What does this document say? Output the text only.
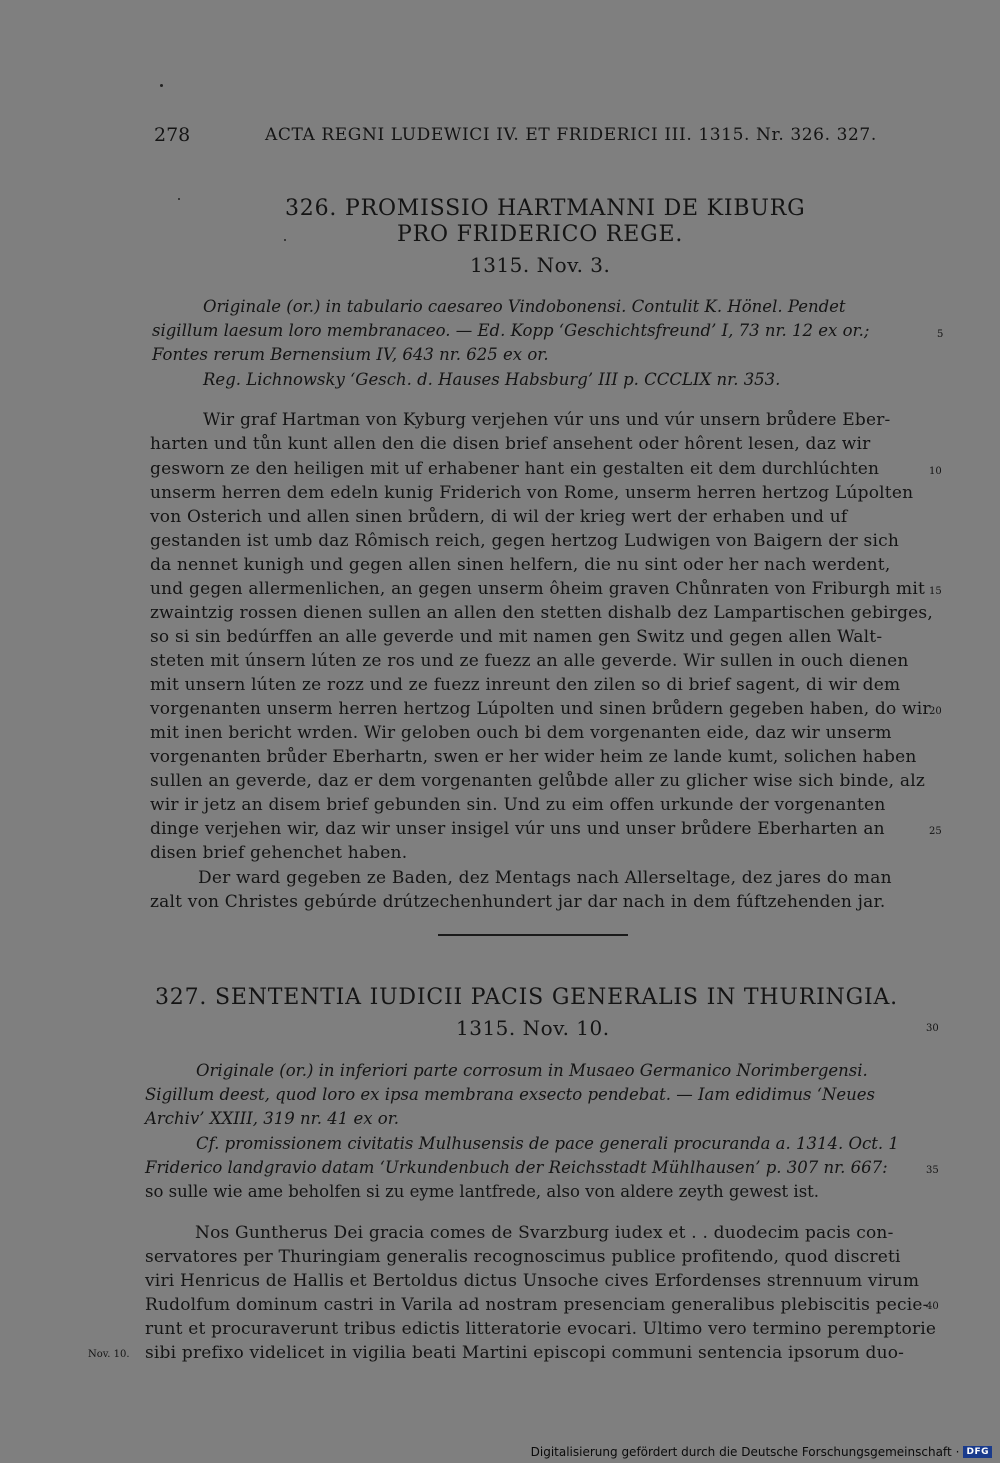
278	ACTA REGNI LUDEWICI IV. ET FRIDERICI III. 1315. Nr. 326. 327.
326. PROMISSIO HARTMANNI DE KIBURG
PRO FRIDERICO REGE.
1315. Nov. 3.
Originale (or.) in tabulario caesareo Vindobonensi. Contulit K. Hönel. Pendet
sigillum laesum loro membranaceo. — Ed. Kopp ‘Geschichtsfreund’ I, 73 nr. 12 ex or.;
Fontes rerum Bernensium IV, 643 nr. 625 ex or.
Reg. Lichnowsky ‘Gesch. d. Hauses Habsburg’ III p. CCCLIX nr. 353.
Wir graf Hartman von Kyburg verjehen vúr uns und vúr unsern brůdere Eber-
harten und tůn kunt allen den die disen brief ansehent oder hôrent lesen, daz wir
gesworn ze den heiligen mit uf erhabener hant ein gestalten eit dem durchlúchten
unserm herren dem edeln kunig Friderich von Rome, unserm herren hertzog Lúpolten
von Osterich und allen sinen brůdern, di wil der krieg wert der erhaben und uf
gestanden ist umb daz Rômisch reich, gegen hertzog Ludwigen von Baigern der sich
da nennet kunigh und gegen allen sinen helfern, die nu sint oder her nach werdent,
und gegen allermenlichen, an gegen unserm ôheim graven Chůnraten von Friburgh mit
zwaintzig rossen dienen sullen an allen den stetten dishalb dez Lampartischen gebirges,
so si sin bedúrffen an alle geverde und mit namen gen Switz und gegen allen Walt-
steten mit únsern lúten ze ros und ze fuezz an alle geverde. Wir sullen in ouch dienen
mit unsern lúten ze rozz und ze fuezz inreunt den zilen so di brief sagent, di wir dem
vorgenanten unserm herren hertzog Lúpolten und sinen brůdern gegeben haben, do wir
mit inen bericht wrden. Wir geloben ouch bi dem vorgenanten eide, daz wir unserm
vorgenanten brůder Eberhartn, swen er her wider heim ze lande kumt, solichen haben
sullen an geverde, daz er dem vorgenanten gelůbde aller zu glicher wise sich binde, alz
wir ir jetz an disem brief gebunden sin. Und zu eim offen urkunde der vorgenanten
dinge verjehen wir, daz wir unser insigel vúr uns und unser brůdere Eberharten an
disen brief gehenchet haben.
Der ward gegeben ze Baden, dez Mentags nach Allerseltage, dez jares do man
zalt von Christes gebúrde drútzechenhundert jar dar nach in dem fúftzehenden jar.
327. SENTENTIA IUDICII PACIS GENERALIS IN THURINGIA.
1315. Nov. 10.
Originale (or.) in inferiori parte corrosum in Musaeo Germanico Norimbergensi.
Sigillum deest, quod loro ex ipsa membrana exsecto pendebat. — Iam edidimus ‘Neues
Archiv’ XXIII, 319 nr. 41 ex or.
Cf. promissionem civitatis Mulhusensis de pace generali procuranda a. 1314. Oct. 1
Friderico landgravio datam ‘Urkundenbuch der Reichsstadt Mühlhausen’ p. 307 nr. 667:
so sulle wie ame beholfen si zu eyme lantfrede, also von aldere zeyth gewest ist.
Nos Guntherus Dei gracia comes de Svarzburg iudex et . . duodecim pacis con-
servatores per Thuringiam generalis recognoscimus publice profitendo, quod discreti
viri Henricus de Hallis et Bertoldus dictus Unsoche cives Erfordenses strennuum virum
Rudolfum dominum castri in Varila ad nostram presenciam generalibus plebiscitis pecie-
runt et procuraverunt tribus edictis litteratorie evocari. Ultimo vero termino peremptorie
sibi prefixo videlicet in vigilia beati Martini episcopi communi sentencia ipsorum duo-
Nov. 10.
5
10
15
20
25
30
35
40
Digitalisierung gefördert durch die Deutsche Forschungsgemeinschaft · DFG
